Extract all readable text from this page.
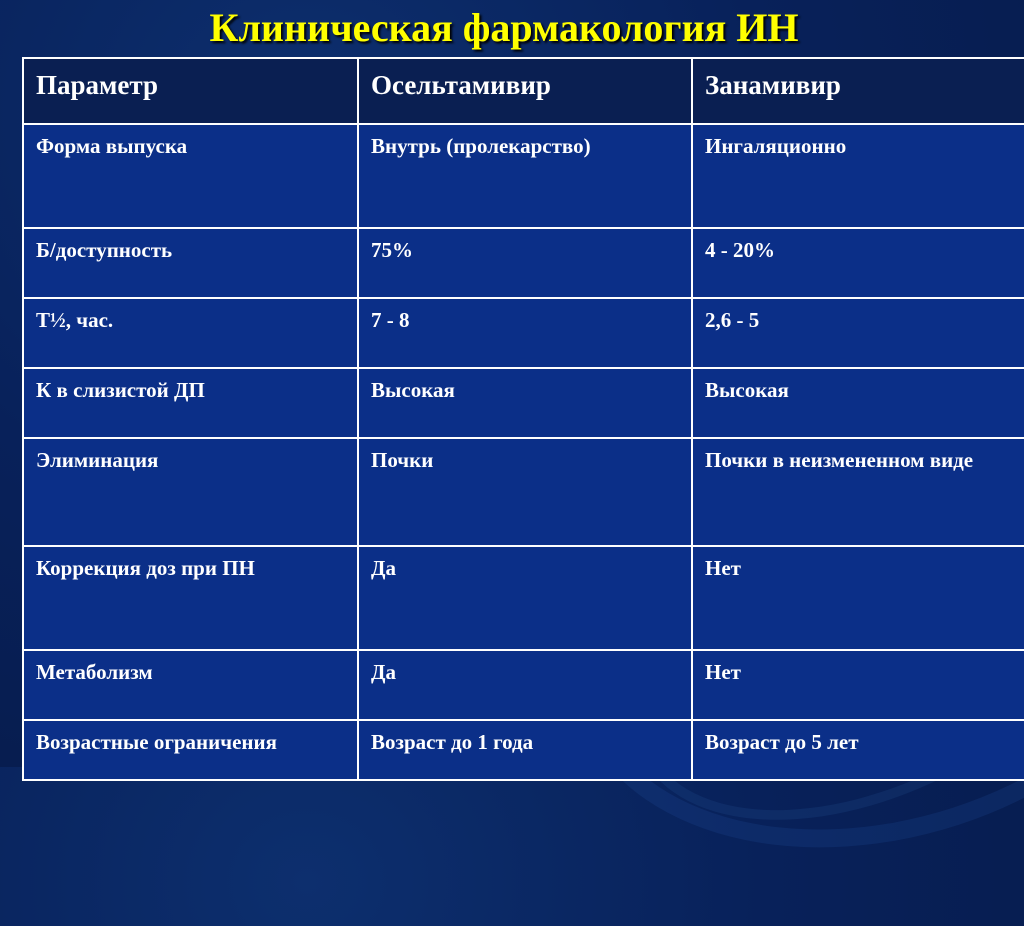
Клиническая фармакология ИН
Параметр	Осельтамивир	Занамивир
Форма выпуска	Внутрь (пролекарство)	Ингаляционно
Б/доступность	75%	4 - 20%
Т½, час.	7 - 8	2,6 - 5
К в слизистой ДП	Высокая	Высокая
Элиминация	Почки	Почки в неизмененном виде
Коррекция доз при ПН	Да	Нет
Метаболизм	Да	Нет
Возрастные ограничения	Возраст до 1 года	Возраст до 5 лет
